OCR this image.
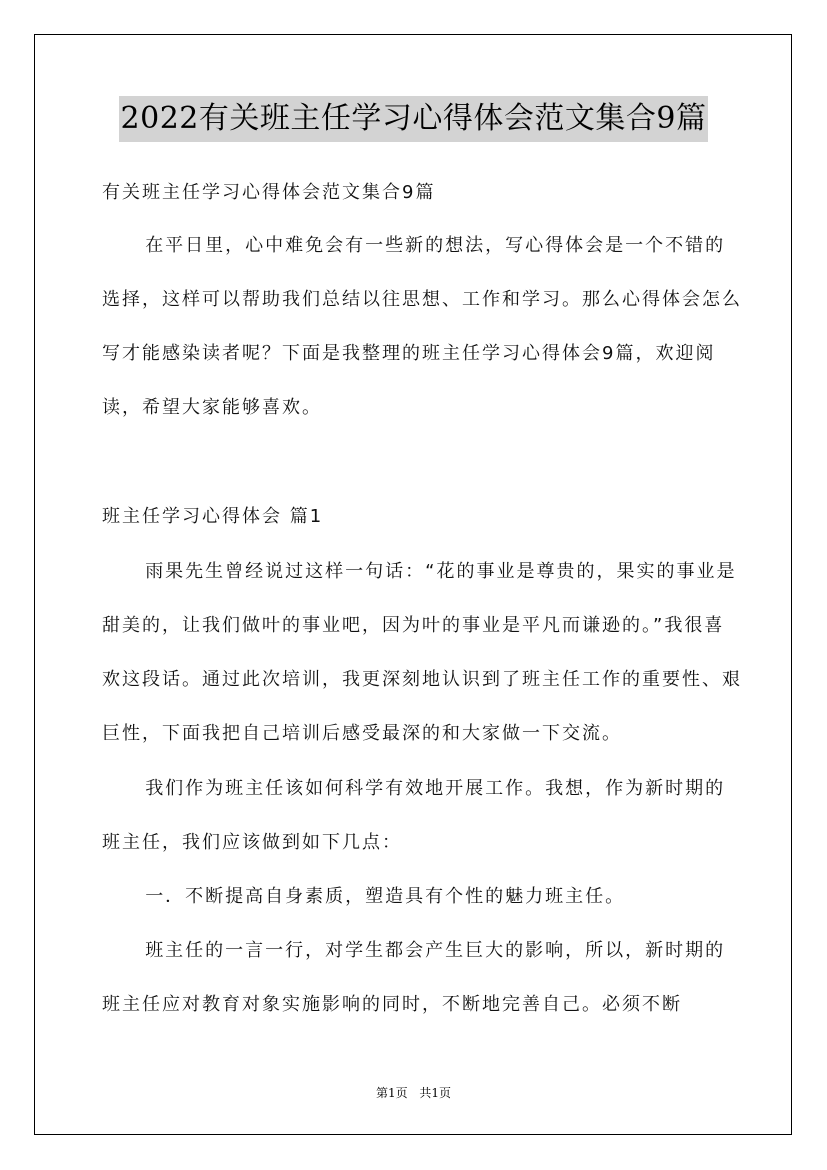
2022有关班主任学习心得体会范文集合9篇

有关班主任学习心得体会范文集合9篇

在平日里，心中难免会有一些新的想法，写心得体会是一个不错的选择，这样可以帮助我们总结以往思想、工作和学习。那么心得体会怎么写才能感染读者呢？下面是我整理的班主任学习心得体会9篇，欢迎阅读，希望大家能够喜欢。

班主任学习心得体会 篇1

雨果先生曾经说过这样一句话：“花的事业是尊贵的，果实的事业是甜美的，让我们做叶的事业吧，因为叶的事业是平凡而谦逊的。”我很喜欢这段话。通过此次培训，我更深刻地认识到了班主任工作的重要性、艰巨性，下面我把自己培训后感受最深的和大家做一下交流。

我们作为班主任该如何科学有效地开展工作。我想，作为新时期的班主任，我们应该做到如下几点：

一．不断提高自身素质，塑造具有个性的魅力班主任。

班主任的一言一行，对学生都会产生巨大的影响，所以，新时期的班主任应对教育对象实施影响的同时，不断地完善自己。必须不断

第1页 共1页
